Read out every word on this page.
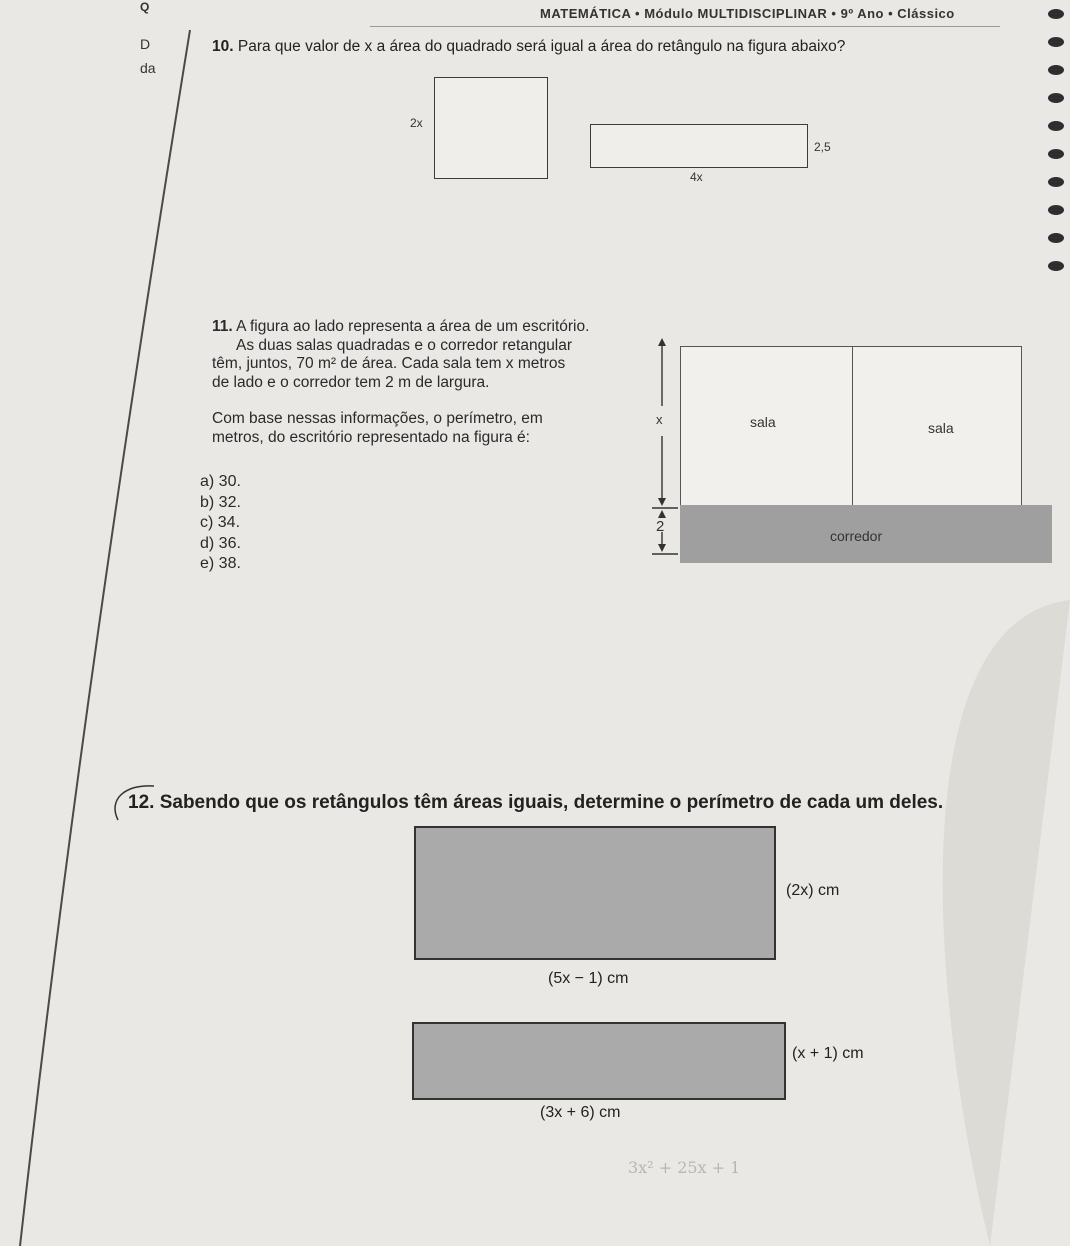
Q
D
da
MATEMÁTICA • Módulo MULTIDISCIPLINAR • 9º Ano • Clássico
10. Para que valor de x a área do quadrado será igual a área do retângulo na figura abaixo?
2x
2,5
4x

11. A figura ao lado representa a área de um escritório.

As duas salas quadradas e o corredor retangular

têm, juntos, 70 m² de área. Cada sala tem x metros

de lado e o corredor tem 2 m de largura.

Com base nessas informações, o perímetro, em

metros, do escritório representado na figura é:

a) 30.
b) 32.
c) 34.
d) 36.
e) 38.
sala	sala
corredor
x
2
12. Sabendo que os retângulos têm áreas iguais, determine o perímetro de cada um deles.
(2x) cm
(5x − 1) cm
(x + 1) cm
(3x + 6) cm
3x² + 25x + 1
